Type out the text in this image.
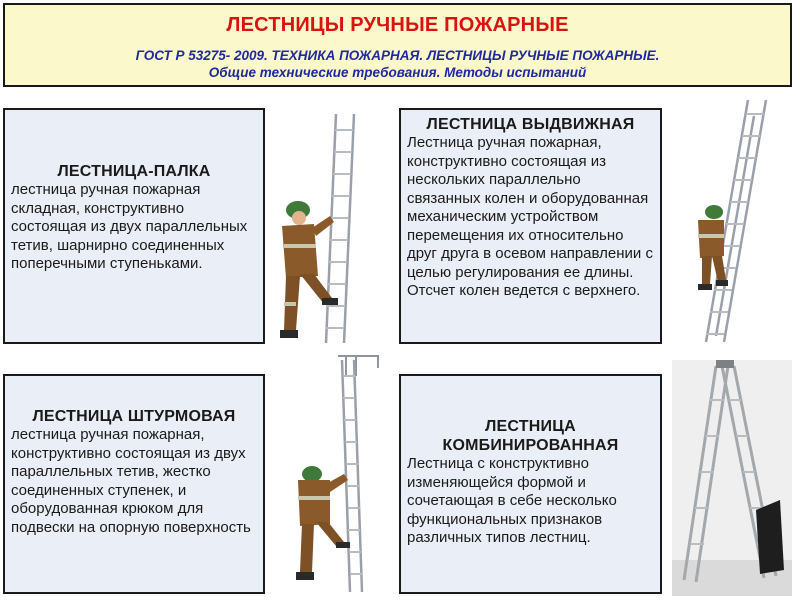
ЛЕСТНИЦЫ РУЧНЫЕ ПОЖАРНЫЕ
ГОСТ Р 53275- 2009. ТЕХНИКА ПОЖАРНАЯ. ЛЕСТНИЦЫ РУЧНЫЕ ПОЖАРНЫЕ.
Общие технические требования. Методы испытаний
ЛЕСТНИЦА-ПАЛКА
лестница ручная пожарная складная, конструктивно состоящая из двух параллельных тетив, шарнирно соединенных поперечными ступеньками.
ЛЕСТНИЦА ВЫДВИЖНАЯ
Лестница ручная пожарная, конструктивно состоящая из нескольких параллельно связанных колен и оборудованная механическим устройством перемещения их относительно друг друга в осевом направлении с целью регулирования ее длины. Отсчет колен ведется с верхнего.
ЛЕСТНИЦА ШТУРМОВАЯ
лестница ручная пожарная, конструктивно состоящая из двух параллельных тетив, жестко соединенных ступенек, и оборудованная крюком для подвески на опорную поверхность
ЛЕСТНИЦА КОМБИНИРОВАННАЯ
Лестница с конструктивно изменяющейся формой и сочетающая в себе несколько функциональных признаков различных типов лестниц.
